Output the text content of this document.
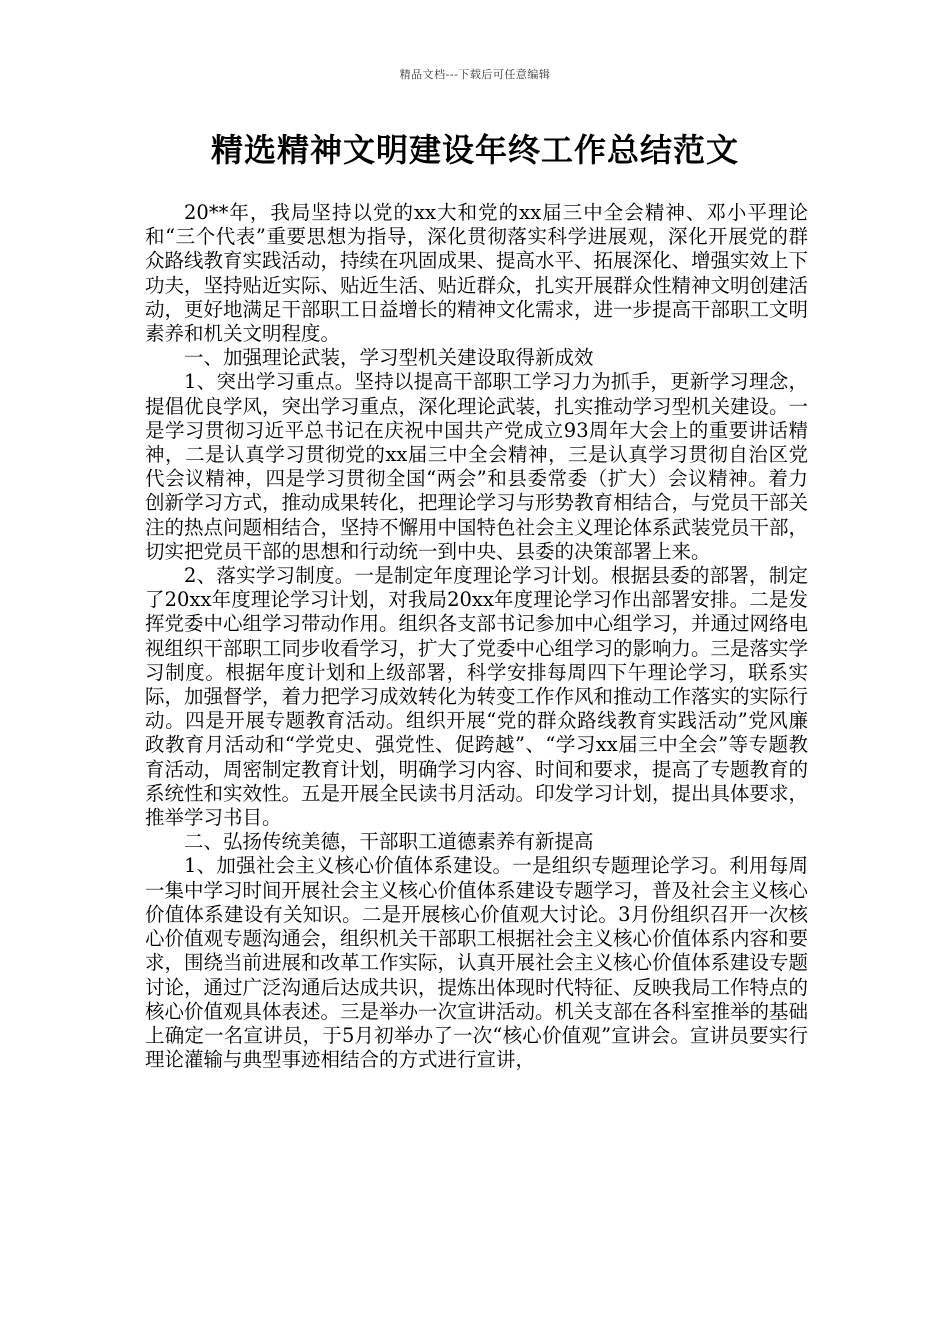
精品文档---下载后可任意编辑
精选精神文明建设年终工作总结范文

20**年，我局坚持以党的xx大和党的xx届三中全会精神、邓小平理论和“三个代表”重要思想为指导，深化贯彻落实科学进展观，深化开展党的群众路线教育实践活动，持续在巩固成果、提高水平、拓展深化、增强实效上下功夫，坚持贴近实际、贴近生活、贴近群众，扎实开展群众性精神文明创建活动，更好地满足干部职工日益增长的精神文化需求，进一步提高干部职工文明素养和机关文明程度。

一、加强理论武装，学习型机关建设取得新成效

1、突出学习重点。坚持以提高干部职工学习力为抓手，更新学习理念，提倡优良学风，突出学习重点，深化理论武装，扎实推动学习型机关建设。一是学习贯彻习近平总书记在庆祝中国共产党成立93周年大会上的重要讲话精神，二是认真学习贯彻党的xx届三中全会精神，三是认真学习贯彻自治区党代会议精神，四是学习贯彻全国“两会”和县委常委（扩大）会议精神。着力创新学习方式，推动成果转化，把理论学习与形势教育相结合，与党员干部关注的热点问题相结合，坚持不懈用中国特色社会主义理论体系武装党员干部，切实把党员干部的思想和行动统一到中央、县委的决策部署上来。

2、落实学习制度。一是制定年度理论学习计划。根据县委的部署，制定了20xx年度理论学习计划，对我局20xx年度理论学习作出部署安排。二是发挥党委中心组学习带动作用。组织各支部书记参加中心组学习，并通过网络电视组织干部职工同步收看学习，扩大了党委中心组学习的影响力。三是落实学习制度。根据年度计划和上级部署，科学安排每周四下午理论学习，联系实际，加强督学，着力把学习成效转化为转变工作作风和推动工作落实的实际行动。四是开展专题教育活动。组织开展“党的群众路线教育实践活动”党风廉政教育月活动和“学党史、强党性、促跨越”、“学习xx届三中全会”等专题教育活动，周密制定教育计划，明确学习内容、时间和要求，提高了专题教育的系统性和实效性。五是开展全民读书月活动。印发学习计划，提出具体要求，推举学习书目。

二、弘扬传统美德，干部职工道德素养有新提高

1、加强社会主义核心价值体系建设。一是组织专题理论学习。利用每周一集中学习时间开展社会主义核心价值体系建设专题学习，普及社会主义核心价值体系建设有关知识。二是开展核心价值观大讨论。3月份组织召开一次核心价值观专题沟通会，组织机关干部职工根据社会主义核心价值体系内容和要求，围绕当前进展和改革工作实际，认真开展社会主义核心价值体系建设专题讨论，通过广泛沟通后达成共识，提炼出体现时代特征、反映我局工作特点的核心价值观具体表述。三是举办一次宣讲活动。机关支部在各科室推举的基础上确定一名宣讲员，于5月初举办了一次“核心价值观”宣讲会。宣讲员要实行理论灌输与典型事迹相结合的方式进行宣讲，
